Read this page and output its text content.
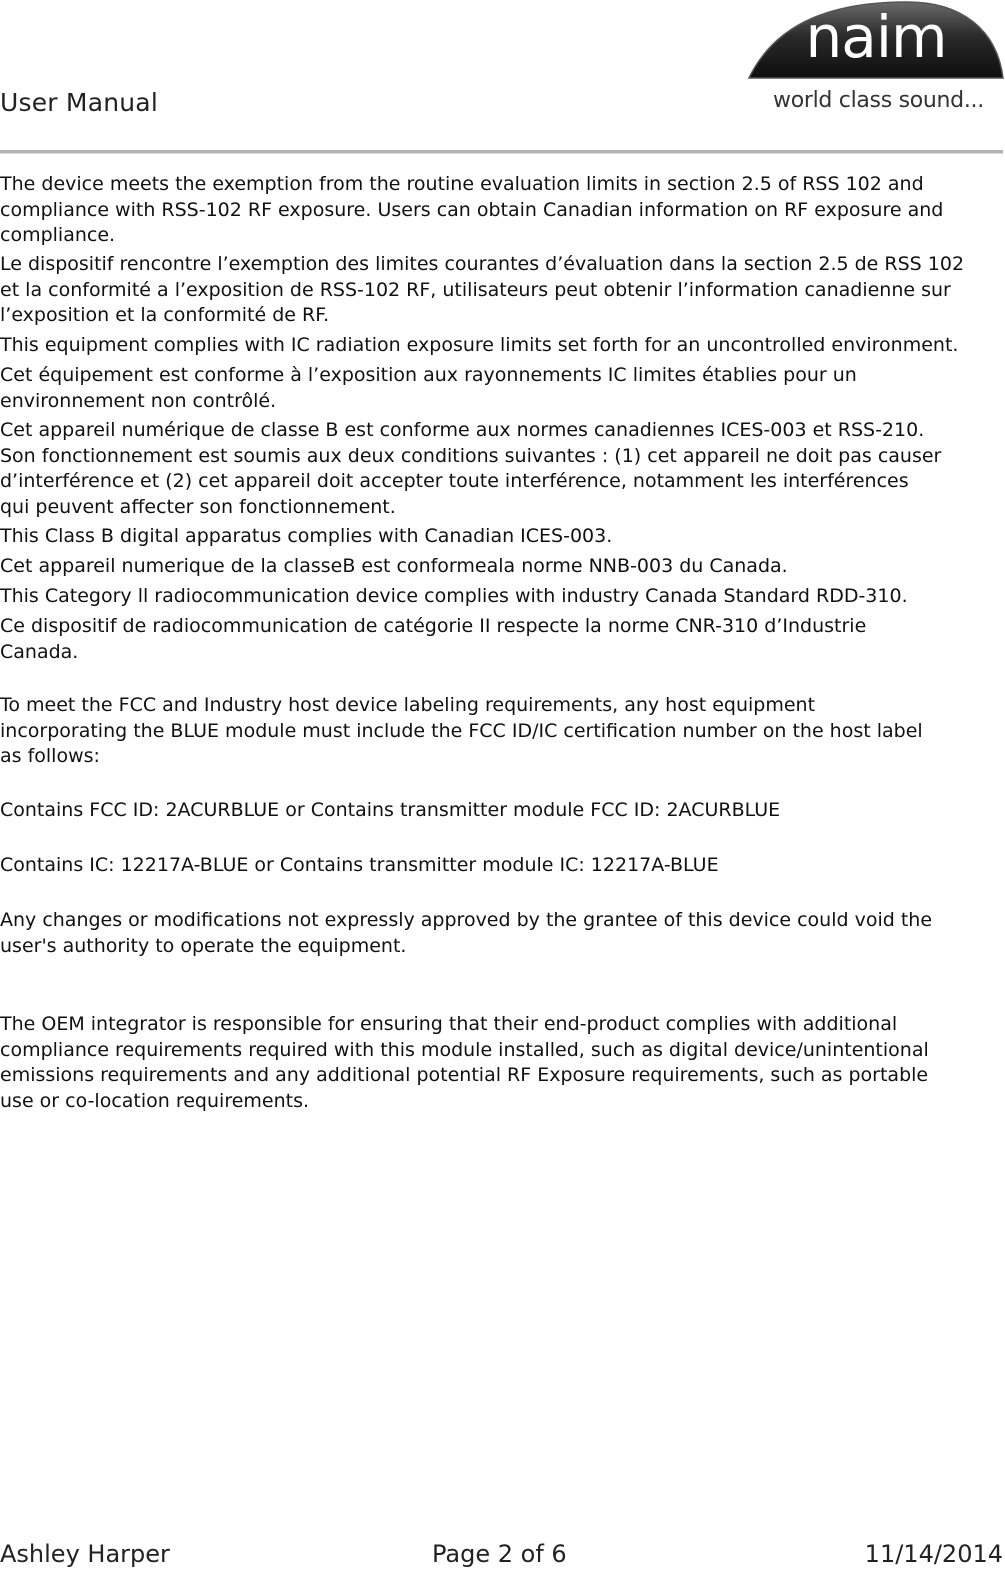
User Manual
naim
world class sound...
The device meets the exemption from the routine evaluation limits in section 2.5 of RSS 102 and
compliance with RSS-102 RF exposure. Users can obtain Canadian information on RF exposure and
compliance.
Le dispositif rencontre l’exemption des limites courantes d’évaluation dans la section 2.5 de RSS 102
et la conformité a l’exposition de RSS-102 RF, utilisateurs peut obtenir l’information canadienne sur
l’exposition et la conformité de RF.
This equipment complies with IC radiation exposure limits set forth for an uncontrolled environment.
Cet équipement est conforme à l’exposition aux rayonnements IC limites établies pour un
environnement non contrôlé.
Cet appareil numérique de classe B est conforme aux normes canadiennes ICES-003 et RSS-210.
Son fonctionnement est soumis aux deux conditions suivantes : (1) cet appareil ne doit pas causer
d’interférence et (2) cet appareil doit accepter toute interférence, notamment les interférences
qui peuvent affecter son fonctionnement.
This Class B digital apparatus complies with Canadian ICES-003.
Cet appareil numerique de la classeB est conformeala norme NNB-003 du Canada.
This Category ll radiocommunication device complies with industry Canada Standard RDD-310.
Ce dispositif de radiocommunication de catégorie II respecte la norme CNR-310 d’Industrie
Canada.
To meet the FCC and Industry host device labeling requirements, any host equipment
incorporating the BLUE module must include the FCC ID/IC certification number on the host label
as follows:
Contains FCC ID: 2ACURBLUE or Contains transmitter module FCC ID: 2ACURBLUE
Contains IC: 12217A-BLUE or Contains transmitter module IC: 12217A-BLUE
Any changes or modifications not expressly approved by the grantee of this device could void the
user's authority to operate the equipment.
The OEM integrator is responsible for ensuring that their end-product complies with additional
compliance requirements required with this module installed, such as digital device/unintentional
emissions requirements and any additional potential RF Exposure requirements, such as portable
use or co-location requirements.
Ashley Harper	Page 2 of 6	11/14/2014
